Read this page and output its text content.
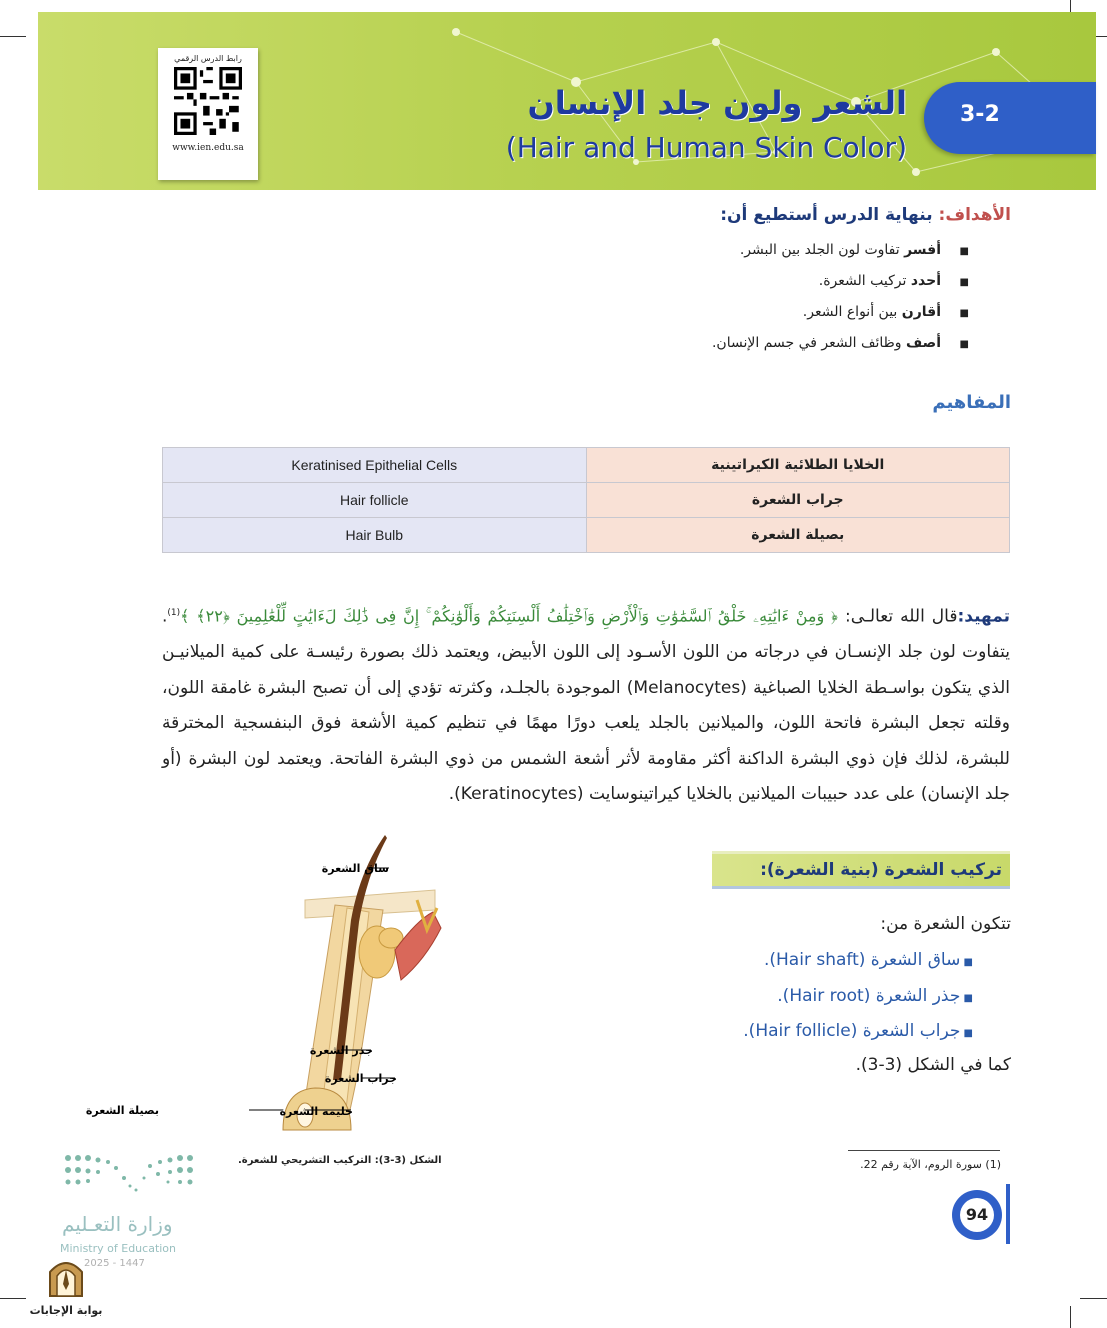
رابط الدرس الرقمي
www.ien.edu.sa
الشعر ولون جلد الإنسان
(Hair and Human Skin Color)
3-2
الأهداف: بنهاية الدرس أستطيع أن:
■ أفسر تفاوت لون الجلد بين البشر.
■ أحدد تركيب الشعرة.
■ أقارن بين أنواع الشعر.
■ أصف وظائف الشعر في جسم الإنسان.
المفاهيم
Keratinised Epithelial Cells	الخلايا الطلائية الكيراتينية
Hair follicle	جراب الشعرة
Hair Bulb	بصيلة الشعرة
تمهيد:قال الله تعالـى: ﴿ وَمِنْ ءَايَٰتِهِۦ خَلْقُ ٱلسَّمَٰوَٰتِ وَٱلْأَرْضِ وَٱخْتِلَٰفُ أَلْسِنَتِكُمْ وَأَلْوَٰنِكُمْ ۚ إِنَّ فِى ذَٰلِكَ لَءَايَٰتٍ لِّلْعَٰلِمِينَ ﴿٢٢﴾ ﴾$^{(1)}$. يتفاوت لون جلد الإنسـان في درجاته من اللون الأسـود إلى اللون الأبيض، ويعتمد ذلك بصورة رئيسـة على كمية الميلانيـن الذي يتكون بواسـطة الخلايا الصباغية (Melanocytes) الموجودة بالجلـد، وكثرته تؤدي إلى أن تصبح البشرة غامقة اللون، وقلته تجعل البشرة فاتحة اللون، والميلانين بالجلد يلعب دورًا مهمًا في تنظيم كمية الأشعة فوق البنفسجية المخترقة للبشرة، لذلك فإن ذوي البشرة الداكنة أكثر مقاومة لأثر أشعة الشمس من ذوي البشرة الفاتحة. ويعتمد لون البشرة (أو جلد الإنسان) على عدد حبيبات الميلانين بالخلايا كيراتينوسايت (Keratinocytes).
ساق الشعرة
جذر الشعرة
جراب الشعرة
حليمة الشعرة
بصيلة الشعرة
الشكل (3-3): التركيب التشريحي للشعرة.
تركيب الشعرة (بنية الشعرة):
تتكون الشعرة من:
■ ساق الشعرة (Hair shaft).
■ جذر الشعرة (Hair root).
■ جراب الشعرة (Hair follicle).
كما في الشكل (3-3).
(1) سورة الروم، الآية رقم 22.
94
وزارة التعـليم
Ministry of Education
2025 - 1447
بوابة الإجابات
